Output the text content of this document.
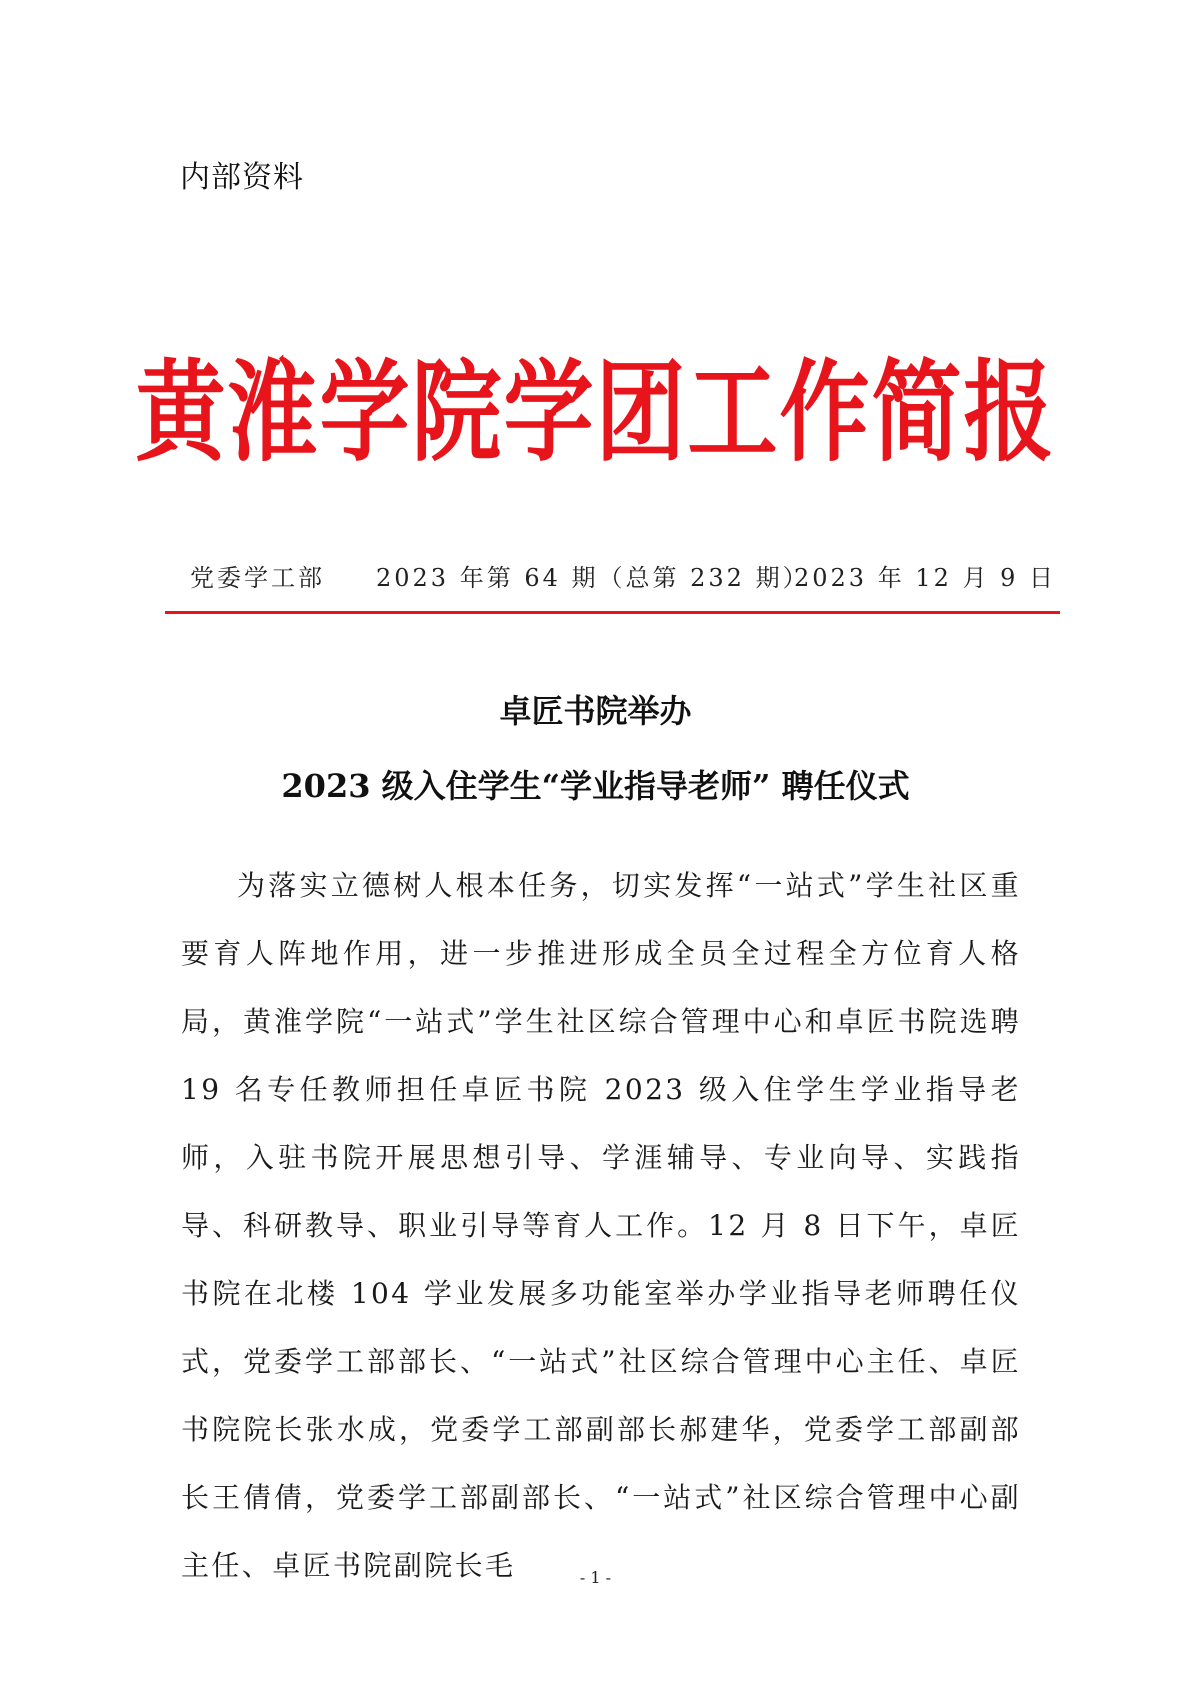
内部资料
黄淮学院学团工作简报
党委学工部 2023 年第 64 期（总第 232 期）
2023 年 12 月 9 日
卓匠书院举办
2023 级入住学生“学业指导老师” 聘任仪式
为落实立德树人根本任务，切实发挥“一站式”学生社区重要育人阵地作用，进一步推进形成全员全过程全方位育人格局，黄淮学院“一站式”学生社区综合管理中心和卓匠书院选聘 19 名专任教师担任卓匠书院 2023 级入住学生学业指导老师，入驻书院开展思想引导、学涯辅导、专业向导、实践指导、科研教导、职业引导等育人工作。12 月 8 日下午，卓匠书院在北楼 104 学业发展多功能室举办学业指导老师聘任仪式，党委学工部部长、“一站式”社区综合管理中心主任、卓匠书院院长张水成，党委学工部副部长郝建华，党委学工部副部长王倩倩，党委学工部副部长、“一站式”社区综合管理中心副主任、卓匠书院副院长毛	- 1 -
